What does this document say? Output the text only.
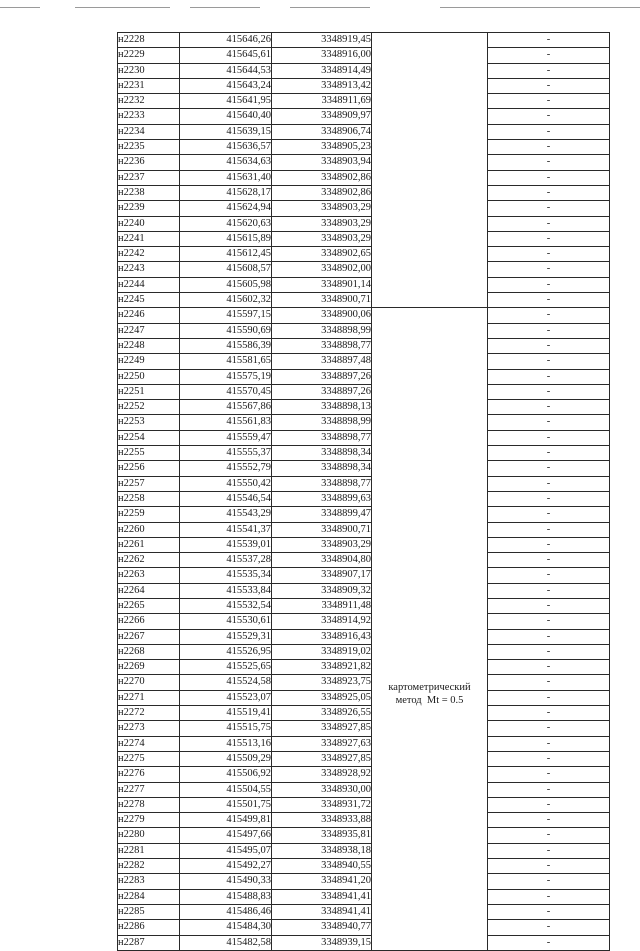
н2228	415646,26	3348919,45		-
н2229	415645,61	3348916,00		-
н2230	415644,53	3348914,49		-
н2231	415643,24	3348913,42		-
н2232	415641,95	3348911,69		-
н2233	415640,40	3348909,97		-
н2234	415639,15	3348906,74		-
н2235	415636,57	3348905,23		-
н2236	415634,63	3348903,94		-
н2237	415631,40	3348902,86		-
н2238	415628,17	3348902,86		-
н2239	415624,94	3348903,29		-
н2240	415620,63	3348903,29		-
н2241	415615,89	3348903,29		-
н2242	415612,45	3348902,65		-
н2243	415608,57	3348902,00		-
н2244	415605,98	3348901,14		-
н2245	415602,32	3348900,71		-
н2246	415597,15	3348900,06	картометрический
метод  Mt = 0.5	-
н2247	415590,69	3348898,99		-
н2248	415586,39	3348898,77		-
н2249	415581,65	3348897,48		-
н2250	415575,19	3348897,26		-
н2251	415570,45	3348897,26		-
н2252	415567,86	3348898,13		-
н2253	415561,83	3348898,99		-
н2254	415559,47	3348898,77		-
н2255	415555,37	3348898,34		-
н2256	415552,79	3348898,34		-
н2257	415550,42	3348898,77		-
н2258	415546,54	3348899,63		-
н2259	415543,29	3348899,47		-
н2260	415541,37	3348900,71		-
н2261	415539,01	3348903,29		-
н2262	415537,28	3348904,80		-
н2263	415535,34	3348907,17		-
н2264	415533,84	3348909,32		-
н2265	415532,54	3348911,48		-
н2266	415530,61	3348914,92		-
н2267	415529,31	3348916,43		-
н2268	415526,95	3348919,02		-
н2269	415525,65	3348921,82		-
н2270	415524,58	3348923,75		-
н2271	415523,07	3348925,05		-
н2272	415519,41	3348926,55		-
н2273	415515,75	3348927,85		-
н2274	415513,16	3348927,63		-
н2275	415509,29	3348927,85		-
н2276	415506,92	3348928,92		-
н2277	415504,55	3348930,00		-
н2278	415501,75	3348931,72		-
н2279	415499,81	3348933,88		-
н2280	415497,66	3348935,81		-
н2281	415495,07	3348938,18		-
н2282	415492,27	3348940,55		-
н2283	415490,33	3348941,20		-
н2284	415488,83	3348941,41		-
н2285	415486,46	3348941,41		-
н2286	415484,30	3348940,77		-
н2287	415482,58	3348939,15		-
